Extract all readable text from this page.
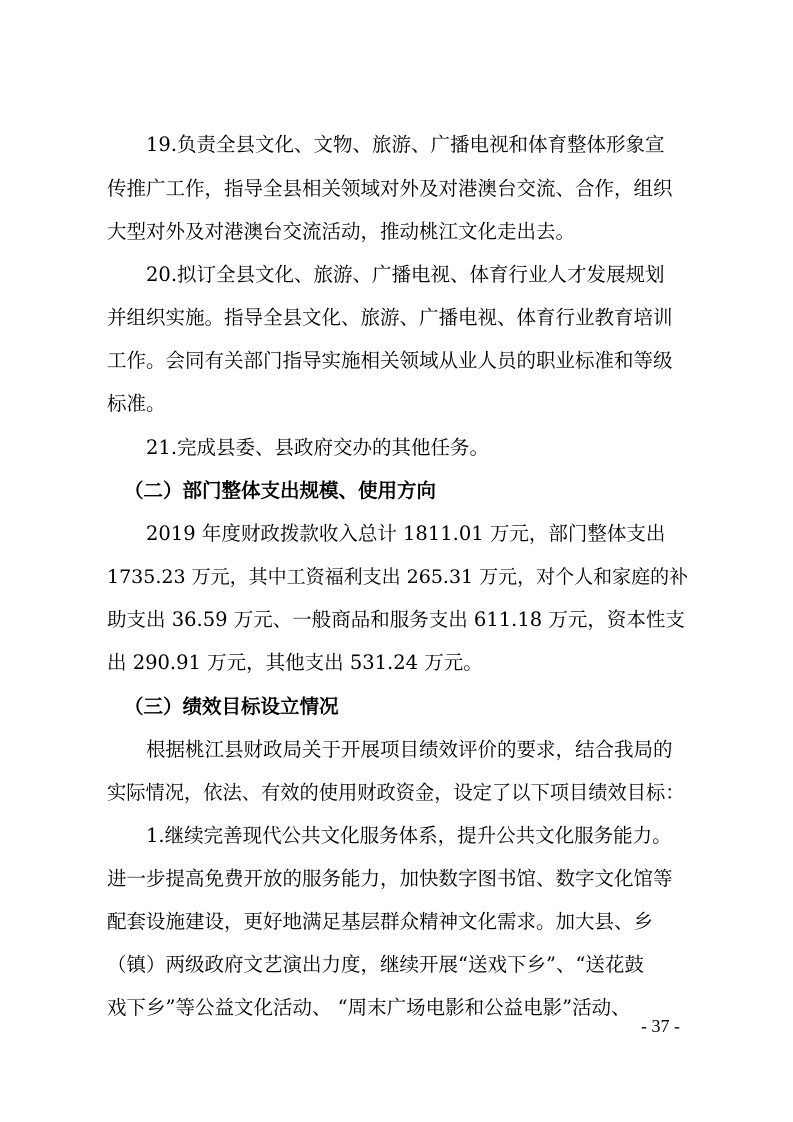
19.负责全县文化、文物、旅游、广播电视和体育整体形象宣
传推广工作，指导全县相关领域对外及对港澳台交流、合作，组织
大型对外及对港澳台交流活动，推动桃江文化走出去。
20.拟订全县文化、旅游、广播电视、体育行业人才发展规划
并组织实施。指导全县文化、旅游、广播电视、体育行业教育培训
工作。会同有关部门指导实施相关领域从业人员的职业标准和等级
标准。
21.完成县委、县政府交办的其他任务。
（二）部门整体支出规模、使用方向
2019 年度财政拨款收入总计 1811.01 万元，部门整体支出
1735.23 万元，其中工资福利支出 265.31 万元，对个人和家庭的补
助支出 36.59 万元、一般商品和服务支出 611.18 万元，资本性支
出 290.91 万元，其他支出 531.24 万元。
（三）绩效目标设立情况
根据桃江县财政局关于开展项目绩效评价的要求，结合我局的
实际情况，依法、有效的使用财政资金，设定了以下项目绩效目标：
1.继续完善现代公共文化服务体系，提升公共文化服务能力。
进一步提高免费开放的服务能力，加快数字图书馆、数字文化馆等
配套设施建设，更好地满足基层群众精神文化需求。加大县、乡
（镇）两级政府文艺演出力度，继续开展“送戏下乡”、“送花鼓
戏下乡”等公益文化活动、 “周末广场电影和公益电影”活动、
- 37 -
